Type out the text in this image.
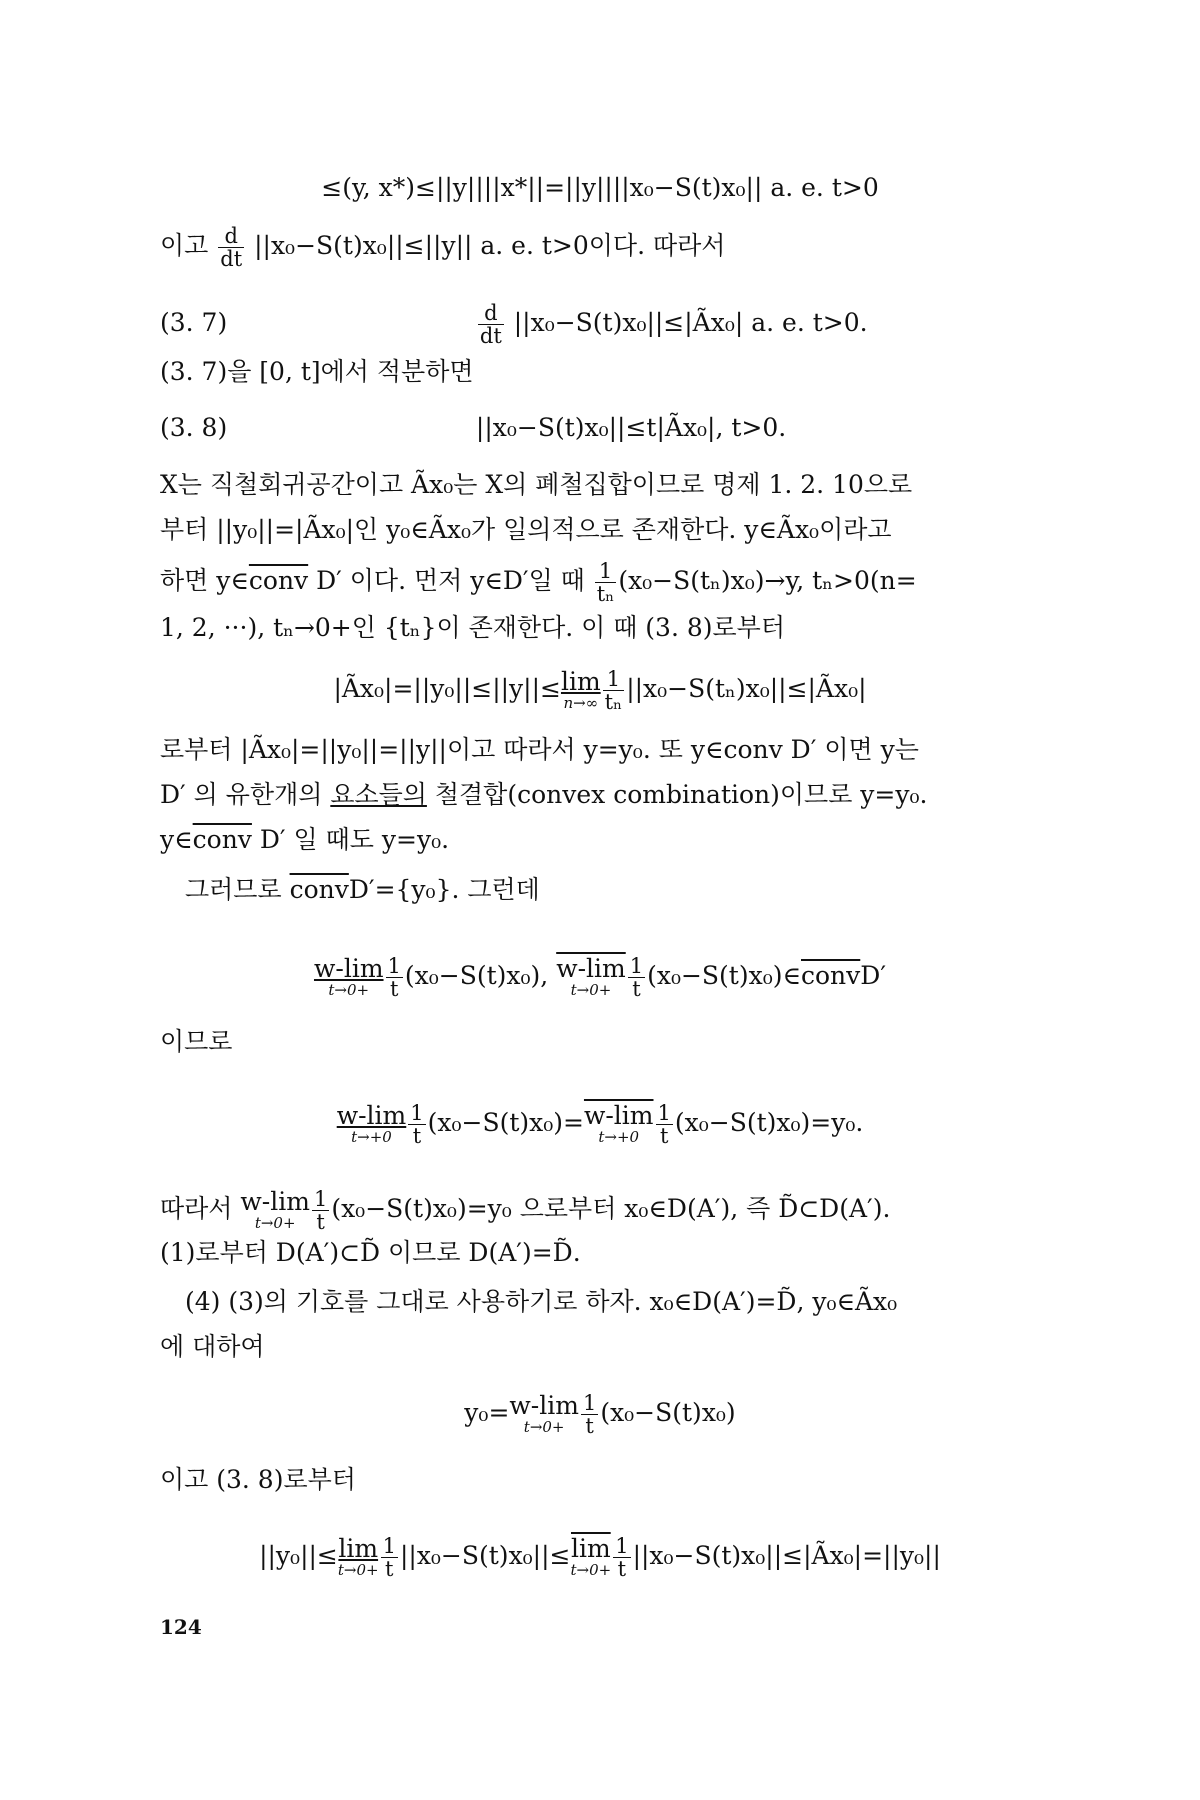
≤(y, x*)≤||y||||x*||=||y||||x₀−S(t)x₀|| a. e. t>0
이고 $\frac{d}{dt} ||x_0-S(t)x_0||\le||y||$ a. e. t>0이다. 따라서
(3. 7)	$\frac{d}{dt}$ ||x₀−S(t)x₀||≤|Ãx₀| a. e. t>0.
(3. 7)을 [0, t]에서 적분하면
(3. 8)	||x₀−S(t)x₀||≤t|Ãx₀|, t>0.
X는 직철회귀공간이고 Ãx₀는 X의 폐철집합이므로 명제 1. 2. 10으로
부터 ||y₀||=|Ãx₀|인 y₀∈Ãx₀가 일의적으로 존재한다. y∈Ãx₀이라고
하면 y∈conv D′ 이다. 먼저 y∈D′일 때 $\frac{1}{\text{tₙ}} (x_0-S(t_n)x_0)\to y$, tₙ>0(n=
1, 2, ···), tₙ→0+인 {tₙ}이 존재한다. 이 때 (3. 8)로부터
|Ãx₀|=||y₀||≤||y||≤lim
$n\to\infty \frac{1}{\text{tₙ}}$ ||x₀−S(tₙ)x₀||≤|Ãx₀|
로부터 |Ãx₀|=||y₀||=||y||이고 따라서 y=y₀. 또 y∈conv D′ 이면 y는
D′ 의 유한개의 요소들의 철결합(convex combination)이므로 y=y₀.
y∈conv D′ 일 때도 y=y₀.
그러므로 convD′={y₀}. 그런데
w-lim
$t\to 0+ \frac{1}{t} (x_0-S(t)x_0)$, w-lim
$t\to 0+ \frac{1}{t}$ (x₀−S(t)x₀)∈convD′
이므로
w-lim
$t\to+0 \frac{1}{t} (x_0-S(t)x_0)=w-\lim$
$t\to+0 \frac{1}{t} (x_0-S(t)x_0)=y_0$.
따라서 w-lim
$t\to 0+ \frac{1}{t} (x_0-S(t)x_0)=y_0$ 으로부터 x₀∈D(A′), 즉 D̃⊂D(A′).
(1)로부터 D(A′)⊂D̃ 이므로 D(A′)=D̃.
(4) (3)의 기호를 그대로 사용하기로 하자. x₀∈D(A′)=D̃, y₀∈Ãx₀
에 대하여
y₀=w-lim
$t\to 0+ \frac{1}{t} (x_0-S(t)x_0)$
이고 (3. 8)로부터
||y₀||≤lim
$t\to 0+ \frac{1}{t} ||x_0-S(t)x_0||\le\overline{lim}$
$t\to 0+ \frac{1}{t}$ ||x₀−S(t)x₀||≤|Ãx₀|=||y₀||
124
